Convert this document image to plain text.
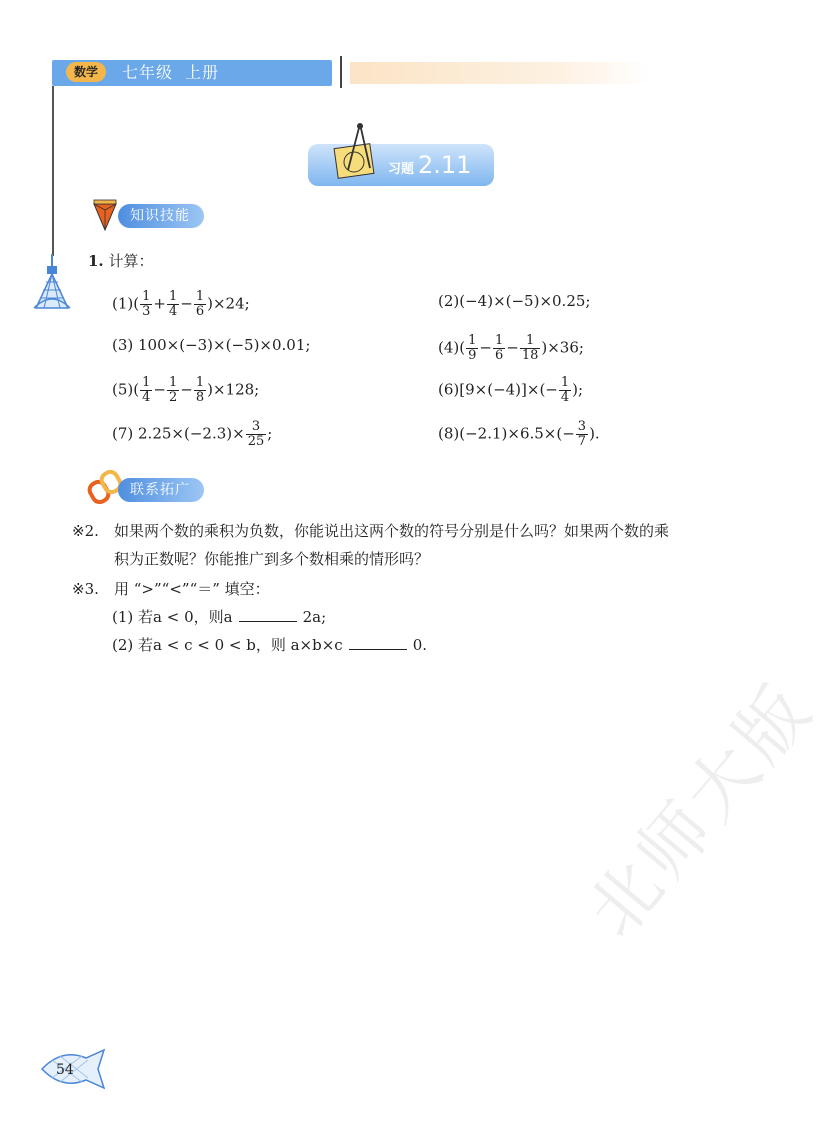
数学	七年级  上册
习题 2.11
知识技能
1. 计算：
$(1)( \frac{1}{3} + \frac{1}{4} - \frac{1}{6} )\times 24$;	(2)(−4)×(−5)×0.25;
(3) 100×(−3)×(−5)×0.01;	$(4)( \frac{1}{9} - \frac{1}{6} - \frac{1}{18} )\times 36$;
$(5)( \frac{1}{4} - \frac{1}{2} - \frac{1}{8} )\times 128$;	$(6)[9\times(-4)]\times(- \frac{1}{4}$ );
(7) $2.25\times(-2.3)\times \frac{3}{25}$ ;	$(8)(-2.1)\times 6.5\times(- \frac{3}{7}$ ).
联系拓广
※2. 如果两个数的乘积为负数，你能说出这两个数的符号分别是什么吗？如果两个数的乘
积为正数呢？你能推广到多个数相乘的情形吗？
※3. 用 “>”“<”“＝” 填空：
(1) 若a < 0，则a	2a;
(2) 若a < c < 0 < b，则 a×b×c	0.
北师大版
54
